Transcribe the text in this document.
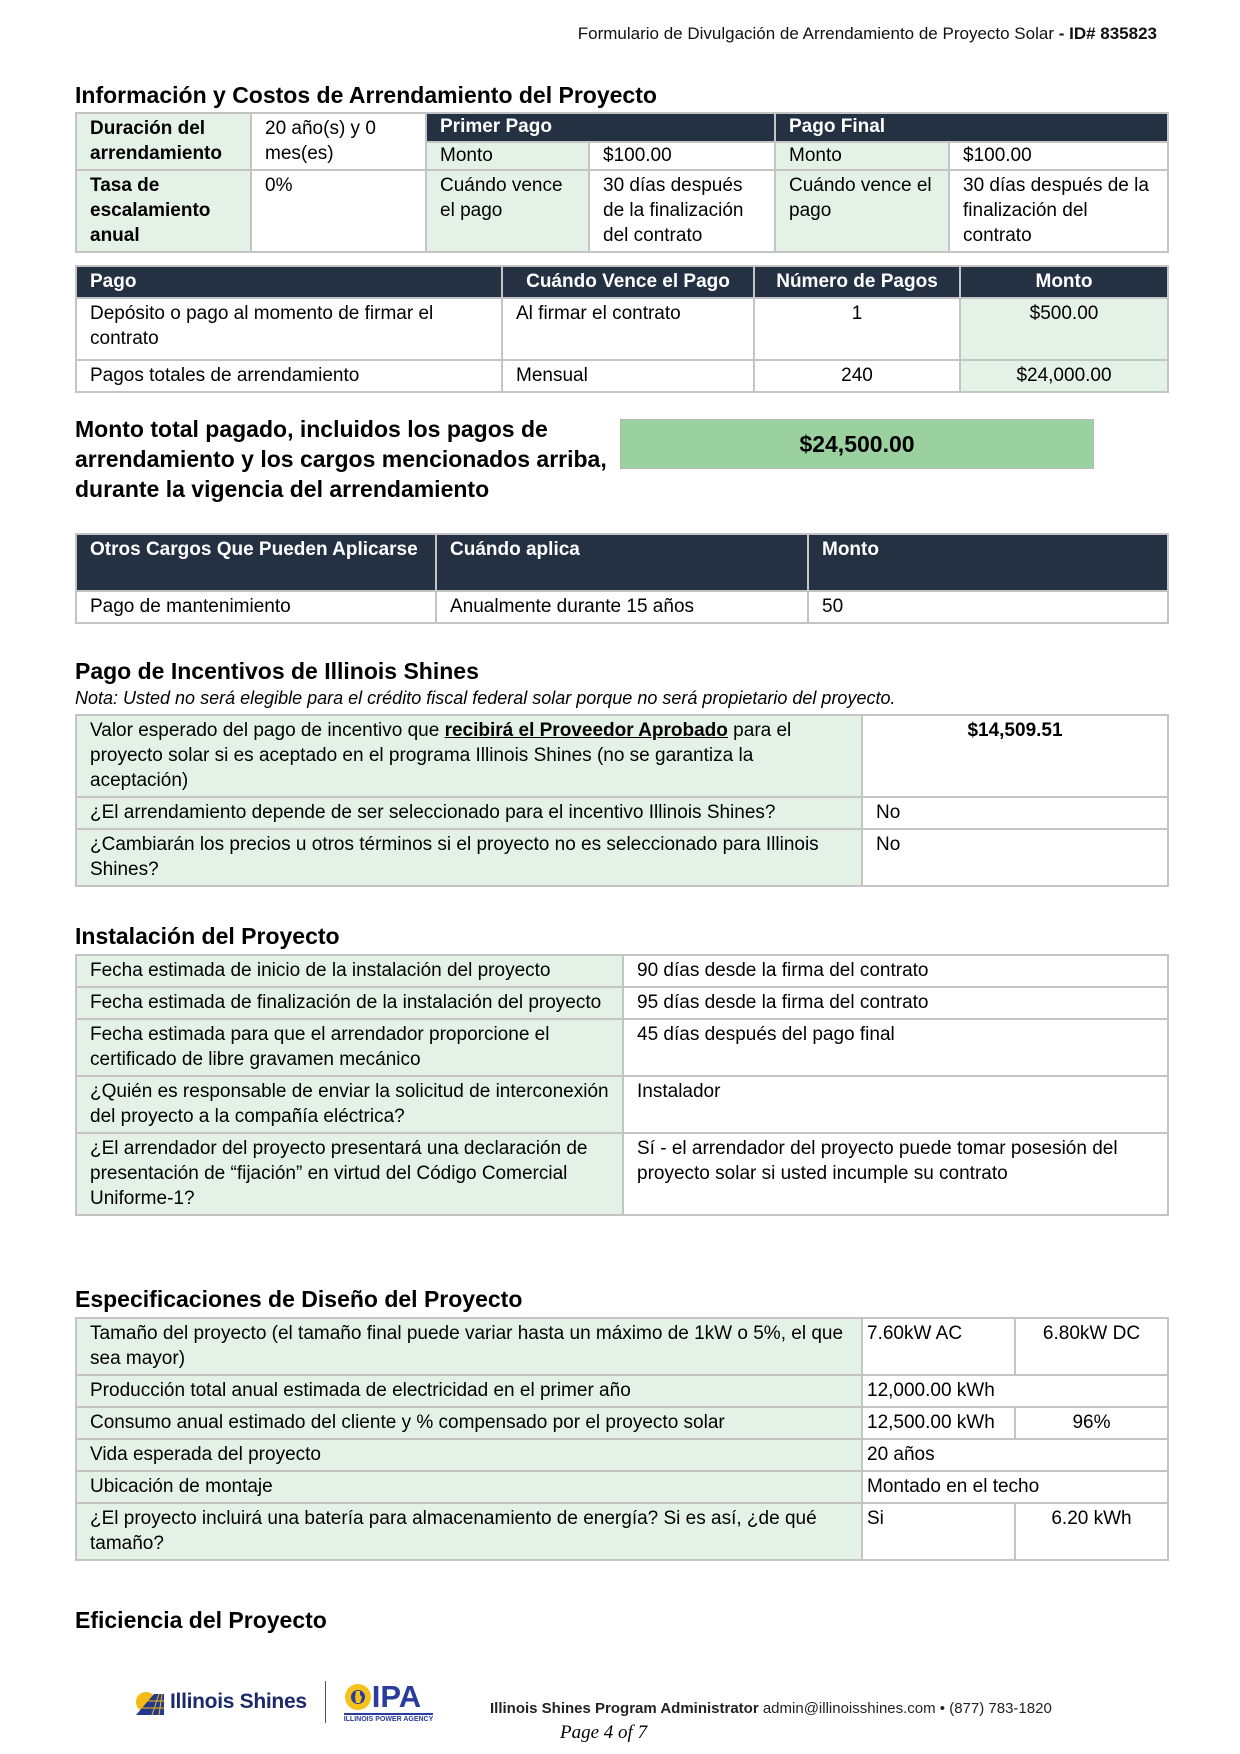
Formulario de Divulgación de Arrendamiento de Proyecto Solar - ID# 835823
Información y Costos de Arrendamiento del Proyecto
Duración del arrendamiento	20 año(s) y 0 mes(es)	Primer Pago		Pago Final	
		Monto	$100.00	Monto	$100.00
Tasa de escalamiento anual	0%	Cuándo vence el pago	30 días después de la finalización del contrato	Cuándo vence el pago	30 días después de la finalización del contrato
Pago	Cuándo Vence el Pago	Número de Pagos	Monto
Depósito o pago al momento de firmar el contrato	Al firmar el contrato	1	$500.00
Pagos totales de arrendamiento	Mensual	240	$24,000.00
Monto total pagado, incluidos los pagos de arrendamiento y los cargos mencionados arriba, durante la vigencia del arrendamiento
$24,500.00
Otros Cargos Que Pueden Aplicarse	Cuándo aplica	Monto
Pago de mantenimiento	Anualmente durante 15 años	50
Pago de Incentivos de Illinois Shines
Nota: Usted no será elegible para el crédito fiscal federal solar porque no será propietario del proyecto.
Valor esperado del pago de incentivo que recibirá el Proveedor Aprobado para el proyecto solar si es aceptado en el programa Illinois Shines (no se garantiza la aceptación)	$14,509.51
¿El arrendamiento depende de ser seleccionado para el incentivo Illinois Shines?	No
¿Cambiarán los precios u otros términos si el proyecto no es seleccionado para Illinois Shines?	No
Instalación del Proyecto
Fecha estimada de inicio de la instalación del proyecto	90 días desde la firma del contrato
Fecha estimada de finalización de la instalación del proyecto	95 días desde la firma del contrato
Fecha estimada para que el arrendador proporcione el certificado de libre gravamen mecánico	45 días después del pago final
¿Quién es responsable de enviar la solicitud de interconexión del proyecto a la compañía eléctrica?	Instalador
¿El arrendador del proyecto presentará una declaración de presentación de “fijación” en virtud del Código Comercial Uniforme-1?	Sí - el arrendador del proyecto puede tomar posesión del proyecto solar si usted incumple su contrato
Especificaciones de Diseño del Proyecto
Tamaño del proyecto (el tamaño final puede variar hasta un máximo de 1kW o 5%, el que sea mayor)	7.60kW AC	6.80kW DC
Producción total anual estimada de electricidad en el primer año	12,000.00 kWh	
Consumo anual estimado del cliente y % compensado por el proyecto solar	12,500.00 kWh	96%
Vida esperada del proyecto	20 años	
Ubicación de montaje	Montado en el techo	
¿El proyecto incluirá una batería para almacenamiento de energía? Si es así, ¿de qué tamaño?	Si	6.20 kWh
Eficiencia del Proyecto
Illinois Shines IPA
ILLINOIS POWER AGENCY
Illinois Shines Program Administrator admin@illinoisshines.com • (877) 783-1820
Page 4 of 7
